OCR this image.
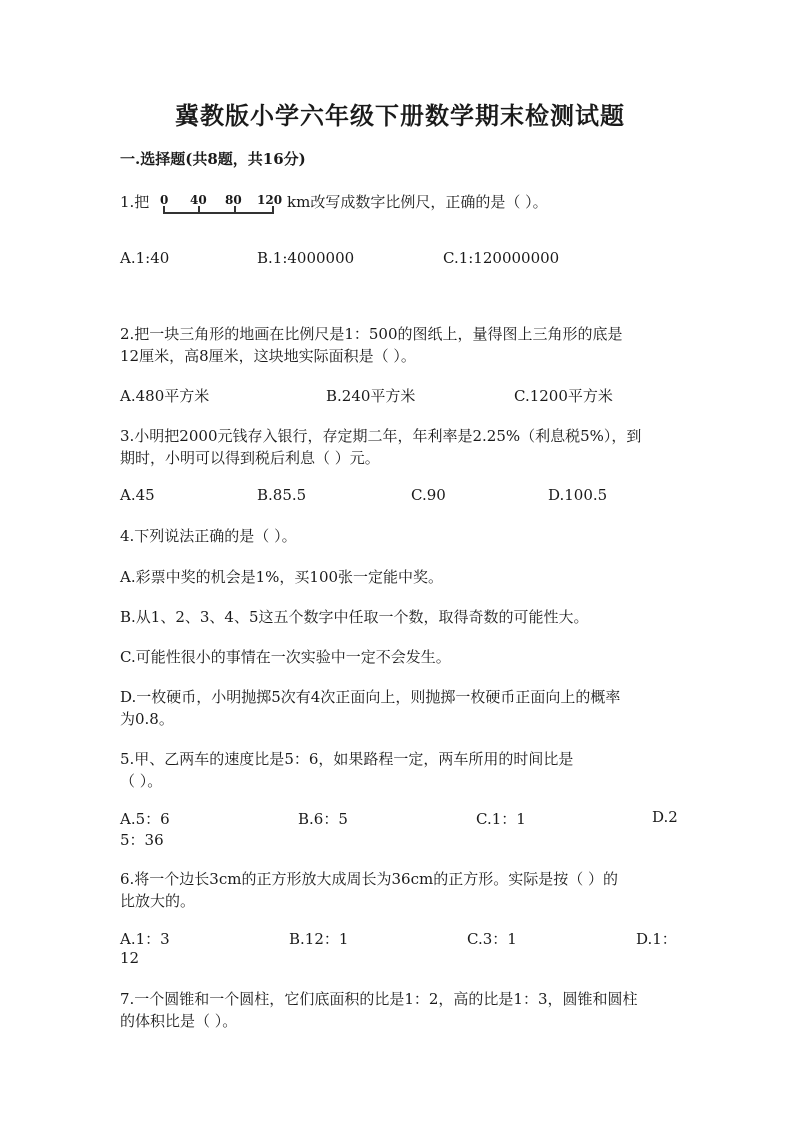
冀教版小学六年级下册数学期末检测试题
一.选择题(共8题，共16分)
1.把 0 40 80 120 km改写成数字比例尺，正确的是（ ）。
A.1:40	B.1:4000000	C.1:120000000
2.把一块三角形的地画在比例尺是1：500的图纸上，量得图上三角形的底是
12厘米，高8厘米，这块地实际面积是（ ）。
A.480平方米	B.240平方米	C.1200平方米
3.小明把2000元钱存入银行，存定期二年，年利率是2.25%（利息税5%），到
期时，小明可以得到税后利息（ ）元。
A.45	B.85.5	C.90	D.100.5
4.下列说法正确的是（ ）。
A.彩票中奖的机会是1%，买100张一定能中奖。
B.从1、2、3、4、5这五个数字中任取一个数，取得奇数的可能性大。
C.可能性很小的事情在一次实验中一定不会发生。
D.一枚硬币，小明抛掷5次有4次正面向上，则抛掷一枚硬币正面向上的概率
为0.8。
5.甲、乙两车的速度比是5：6，如果路程一定，两车所用的时间比是
（ ）。
A.5：6	B.6：5	C.1：1	D.2
5：36
6.将一个边长3cm的正方形放大成周长为36cm的正方形。实际是按（ ）的
比放大的。
A.1：3	B.12：1	C.3：1	D.1：
12
7.一个圆锥和一个圆柱，它们底面积的比是1：2，高的比是1：3，圆锥和圆柱
的体积比是（ ）。
